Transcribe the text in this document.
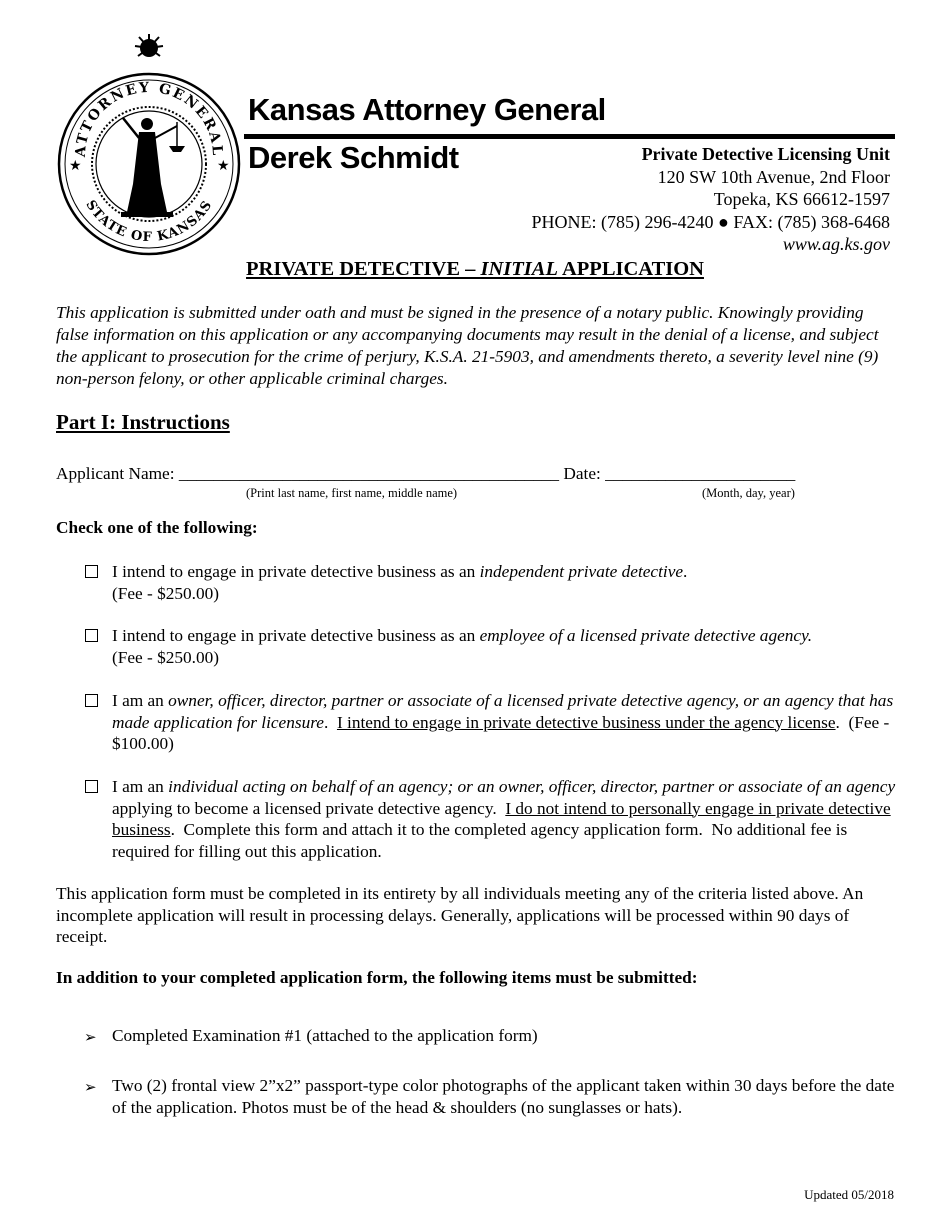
ATTORNEY GENERAL
STATE OF KANSAS
★	★
Kansas Attorney General
Derek Schmidt	Private Detective Licensing Unit
120 SW 10th Avenue, 2nd Floor
Topeka, KS 66612-1597
PHONE: (785) 296-4240 ● FAX: (785) 368-6468
www.ag.ks.gov
PRIVATE DETECTIVE – INITIAL APPLICATION
This application is submitted under oath and must be signed in the presence of a notary public. Knowingly providing false information on this application or any accompanying documents may result in the denial of a license, and subject the applicant to prosecution for the crime of perjury, K.S.A. 21-5903, and amendments thereto, a severity level nine (9) non-person felony, or other applicable criminal charges.
Part I: Instructions
Applicant Name: ____________________________________________ Date: ______________________
(Print last name, first name, middle name)	(Month, day, year)
Check one of the following:
I intend to engage in private detective business as an independent private detective.
(Fee - $250.00)
I intend to engage in private detective business as an employee of a licensed private detective agency.
(Fee - $250.00)
I am an owner, officer, director, partner or associate of a licensed private detective agency, or an agency that has made application for licensure.  I intend to engage in private detective business under the agency license.  (Fee - $100.00)
I am an individual acting on behalf of an agency; or an owner, officer, director, partner or associate of an agency applying to become a licensed private detective agency.  I do not intend to personally engage in private detective business.  Complete this form and attach it to the completed agency application form.  No additional fee is required for filling out this application.
This application form must be completed in its entirety by all individuals meeting any of the criteria listed above. An incomplete application will result in processing delays. Generally, applications will be processed within 90 days of receipt.
In addition to your completed application form, the following items must be submitted:
➢ Completed Examination #1 (attached to the application form)
➢ Two (2) frontal view 2”x2” passport-type color photographs of the applicant taken within 30 days before the date of the application. Photos must be of the head & shoulders (no sunglasses or hats).
Updated 05/2018
